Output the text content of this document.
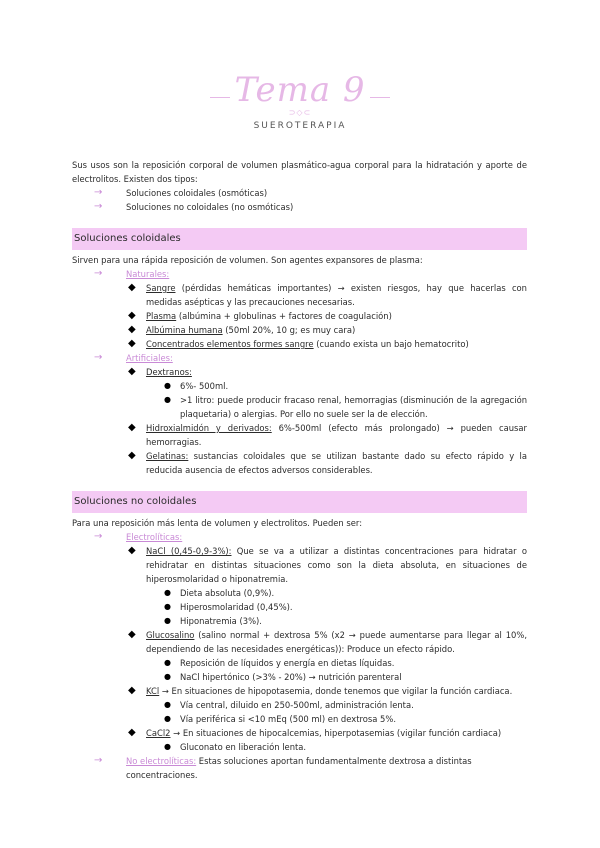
Tema 9
⊃◇⊂
SUEROTERAPIA
Sus usos son la reposición corporal de volumen plasmático-agua corporal para la hidratación y aporte de electrolitos. Existen dos tipos:
→	Soluciones coloidales (osmóticas)
→	Soluciones no coloidales (no osmóticas)
Soluciones coloidales
Sirven para una rápida reposición de volumen. Son agentes expansores de plasma:
→	Naturales:
◆ Sangre (pérdidas hemáticas importantes) → existen riesgos, hay que hacerlas con medidas asépticas y las precauciones necesarias.
◆ Plasma (albúmina + globulinas + factores de coagulación)
◆ Albúmina humana (50ml 20%, 10 g; es muy cara)
◆ Concentrados elementos formes sangre (cuando exista un bajo hematocrito)
→	Artificiales:
◆ Dextranos:
● 6%- 500ml.
● >1 litro: puede producir fracaso renal, hemorragias (disminución de la agregación plaquetaria) o alergias. Por ello no suele ser la de elección.
◆ Hidroxialmidón y derivados: 6%-500ml (efecto más prolongado) → pueden causar hemorragias.
◆ Gelatinas: sustancias coloidales que se utilizan bastante dado su efecto rápido y la reducida ausencia de efectos adversos considerables.
Soluciones no coloidales
Para una reposición más lenta de volumen y electrolitos. Pueden ser:
→	Electrolíticas:
◆ NaCl (0,45-0,9-3%): Que se va a utilizar a distintas concentraciones para hidratar o rehidratar en distintas situaciones como son la dieta absoluta, en situaciones de hiperosmolaridad o hiponatremia.
● Dieta absoluta (0,9%).
● Hiperosmolaridad (0,45%).
● Hiponatremia (3%).
◆ Glucosalino (salino normal + dextrosa 5% (x2 → puede aumentarse para llegar al 10%, dependiendo de las necesidades energéticas)): Produce un efecto rápido.
● Reposición de líquidos y energía en dietas líquidas.
● NaCl hipertónico (>3% - 20%) → nutrición parenteral
◆ KCl → En situaciones de hipopotasemia, donde tenemos que vigilar la función cardiaca.
● Vía central, diluido en 250-500ml, administración lenta.
● Vía periférica si <10 mEq (500 ml) en dextrosa 5%.
◆ CaCl2 → En situaciones de hipocalcemias, hiperpotasemias (vigilar función cardiaca)
● Gluconato en liberación lenta.
→	No electrolíticas: Estas soluciones aportan fundamentalmente dextrosa a distintas concentraciones.
